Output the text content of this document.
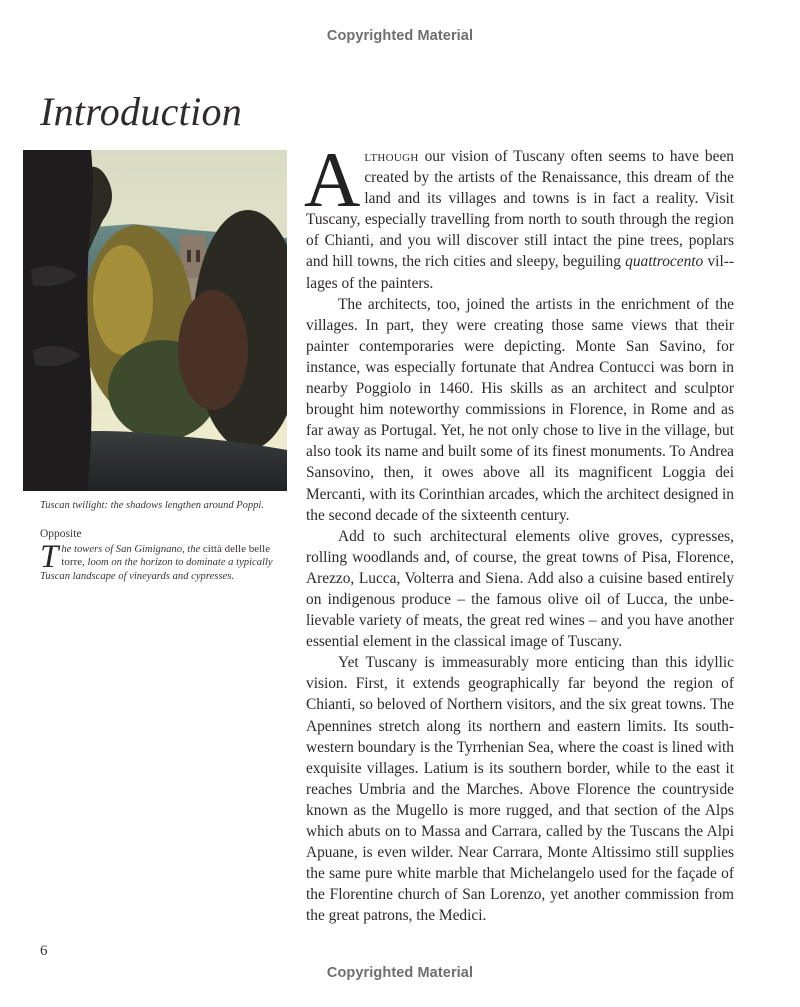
Copyrighted Material
Introduction
Tuscan twilight: the shadows lengthen around Poppi.
Opposite
T he towers of San Gimignano, the città delle belle torre, loom on the horizon to dominate a typically Tuscan landscape of vineyards and cypresses.

Although our vision of Tuscany often seems to have been created by the artists of the Renaissance, this dream of the land and its villages and towns is in fact a reality. Visit Tuscany, especially travelling from north to south through the region of Chianti, and you will discover still intact the pine trees, poplars and hill towns, the rich cities and sleepy, beguiling quattrocento vil-lages of the painters.

The architects, too, joined the artists in the enrichment of the villages. In part, they were creating those same views that their painter contemporaries were depicting. Monte San Savino, for instance, was especially fortunate that Andrea Contucci was born in nearby Poggiolo in 1460. His skills as an architect and sculptor brought him noteworthy commissions in Florence, in Rome and as far away as Portugal. Yet, he not only chose to live in the village, but also took its name and built some of its finest monuments. To Andrea Sansovino, then, it owes above all its magnificent Loggia dei Mercanti, with its Corinthian arcades, which the architect designed in the second decade of the sixteenth century.

Add to such architectural elements olive groves, cypresses, rolling woodlands and, of course, the great towns of Pisa, Florence, Arezzo, Lucca, Volterra and Siena. Add also a cuisine based entirely on indigenous produce – the famous olive oil of Lucca, the unbelievable variety of meats, the great red wines – and you have another essential element in the classical image of Tuscany.

Yet Tuscany is immeasurably more enticing than this idyllic vision. First, it extends geographically far beyond the region of Chianti, so beloved of Northern visitors, and the six great towns. The Apennines stretch along its northern and eastern limits. Its southwestern boundary is the Tyrrhenian Sea, where the coast is lined with exquisite villages. Latium is its southern border, while to the east it reaches Umbria and the Marches. Above Florence the countryside known as the Mugello is more rugged, and that section of the Alps which abuts on to Massa and Carrara, called by the Tuscans the Alpi Apuane, is even wilder. Near Carrara, Monte Altissimo still supplies the same pure white marble that Michelangelo used for the façade of the Florentine church of San Lorenzo, yet another commission from the great patrons, the Medici.

6
Copyrighted Material
